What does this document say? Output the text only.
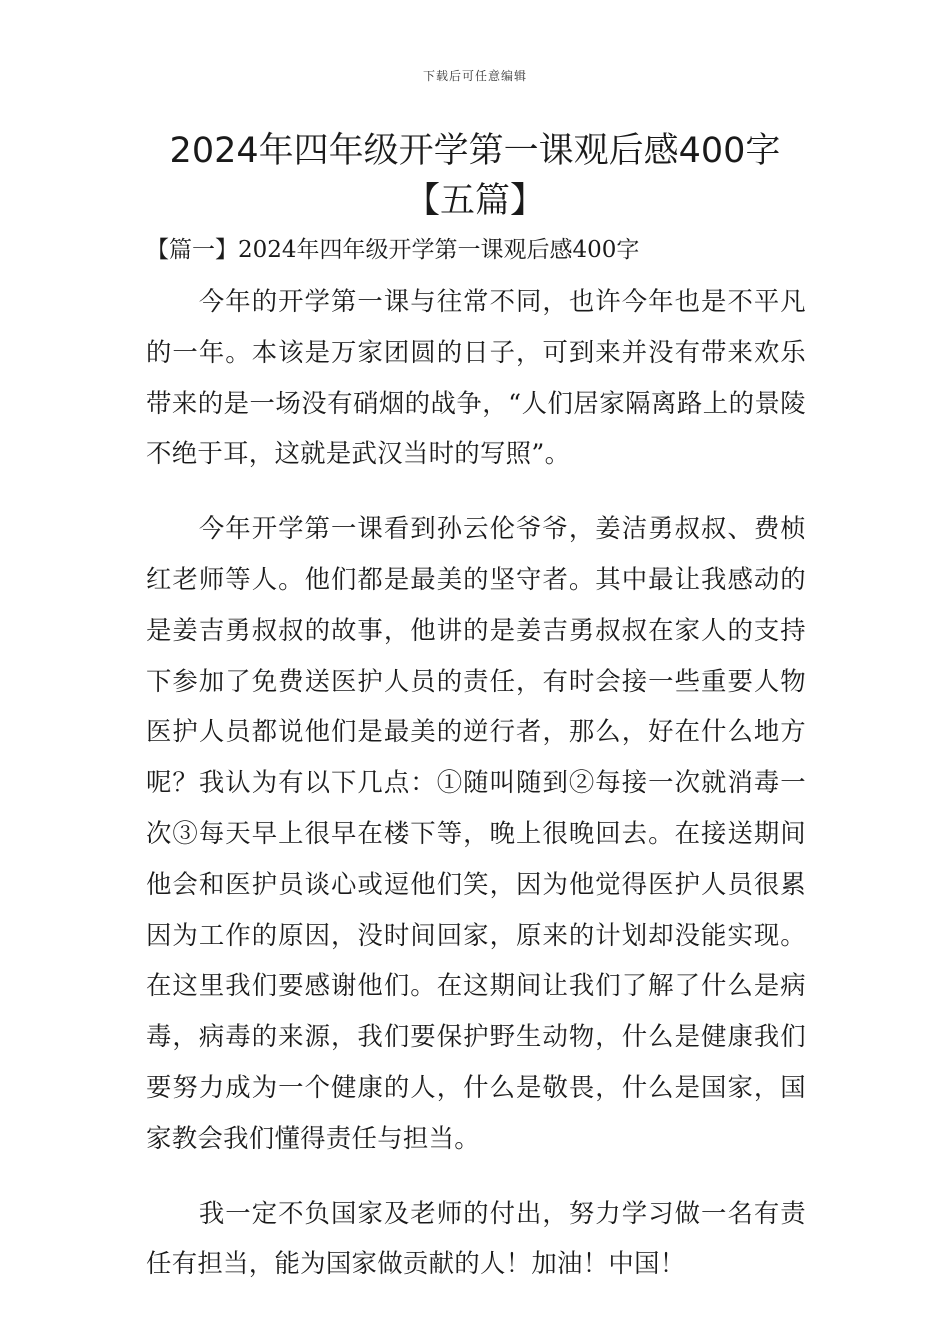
下载后可任意编辑
2024年四年级开学第一课观后感400字
【五篇】
【篇一】2024年四年级开学第一课观后感400字

今年的开学第一课与往常不同，也许今年也是不平凡的一年。本该是万家团圆的日子，可到来并没有带来欢乐带来的是一场没有硝烟的战争，“人们居家隔离路上的景陵不绝于耳，这就是武汉当时的写照”。

今年开学第一课看到孙云伦爷爷，姜洁勇叔叔、费桢红老师等人。他们都是最美的坚守者。其中最让我感动的是姜吉勇叔叔的故事，他讲的是姜吉勇叔叔在家人的支持下参加了免费送医护人员的责任，有时会接一些重要人物医护人员都说他们是最美的逆行者，那么，好在什么地方呢？我认为有以下几点：①随叫随到②每接一次就消毒一次③每天早上很早在楼下等，晚上很晚回去。在接送期间他会和医护员谈心或逗他们笑，因为他觉得医护人员很累因为工作的原因，没时间回家，原来的计划却没能实现。在这里我们要感谢他们。在这期间让我们了解了什么是病毒，病毒的来源，我们要保护野生动物，什么是健康我们要努力成为一个健康的人，什么是敬畏，什么是国家，国家教会我们懂得责任与担当。

我一定不负国家及老师的付出，努力学习做一名有责任有担当，能为国家做贡献的人！加油！中国！
